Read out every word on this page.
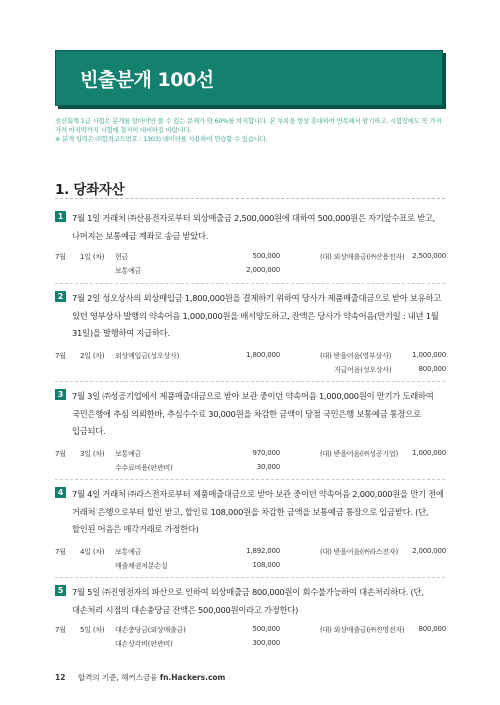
빈출분개 100선
전산회계 1급 시험은 분개를 알아야만 풀 수 있는 문제가 약 60%를 차지합니다. 본 부록을 항상 휴대하여 반복해서 암기하고, 시험장에도 꼭 가져가셔 마지막까지 시험에 철저히 대비하길 바랍니다.
※ 분개 입력은 ㈜합격코드번호 : 1303) 데이터를 사용하여 연습할 수 있습니다.
1. 당좌자산
1	7월 1일 거래처 ㈜산용전자로부터 외상매출금 2,500,000원에 대하여 500,000원은 자기앞수표로 받고, 나머지는 보통예금 계좌로 송금 받았다.
7월 1일 (차) 현금	500,000	(대) 외상매출금(㈜산용전자)	2,500,000
보통예금	2,000,000
2	7월 2일 성오상사의 외상매입금 1,800,000원을 결제하기 위하여 당사가 제품매출대금으로 받아 보유하고 있던 영부상사 발행의 약속어음 1,000,000원을 배서양도하고, 잔액은 당사가 약속어음(만기일 : 내년 1월 31일)을 발행하여 지급하다.
7월 2일 (차) 외상매입금(성오상사)	1,800,000	(대) 받을어음(영부상사)	1,000,000
지급어음(성오상사)	800,000
3	7월 3일 ㈜성공기업에서 제품매출대금으로 받아 보관 중이던 약속어음 1,000,000원이 만기가 도래하여 국민은행에 추심 의뢰한바, 추심수수료 30,000원을 차감한 금액이 당점 국민은행 보통예금 통장으로 입금되다.
7월 3일 (차) 보통예금	970,000	(대) 받을어음(㈜성공기업)	1,000,000
수수료비용(판관비)	30,000
4	7월 4일 거래처 ㈜라스전자로부터 제품매출대금으로 받아 보관 중이던 약속어음 2,000,000원을 만기 전에 거래처 은행으로부터 할인 받고, 할인료 108,000원을 차감한 금액을 보통예금 통장으로 입금받다. (단, 할인된 어음은 매각거래로 가정한다)
7월 4일 (차) 보통예금	1,892,000	(대) 받을어음(㈜라스전자)	2,000,000
매출채권처분손실	108,000
5	7월 5일 ㈜진영전자의 파산으로 인하여 외상매출금 800,000원이 회수불가능하여 대손처리하다. (단, 대손처리 시점의 대손충당금 잔액은 500,000원이라고 가정한다)
7월 5일 (차) 대손충당금(외상매출금)	500,000	(대) 외상매출금(㈜진영전자)	800,000
대손상각비(판관비)	300,000
12 합격의 기준, 해커스금융 fn.Hackers.com
